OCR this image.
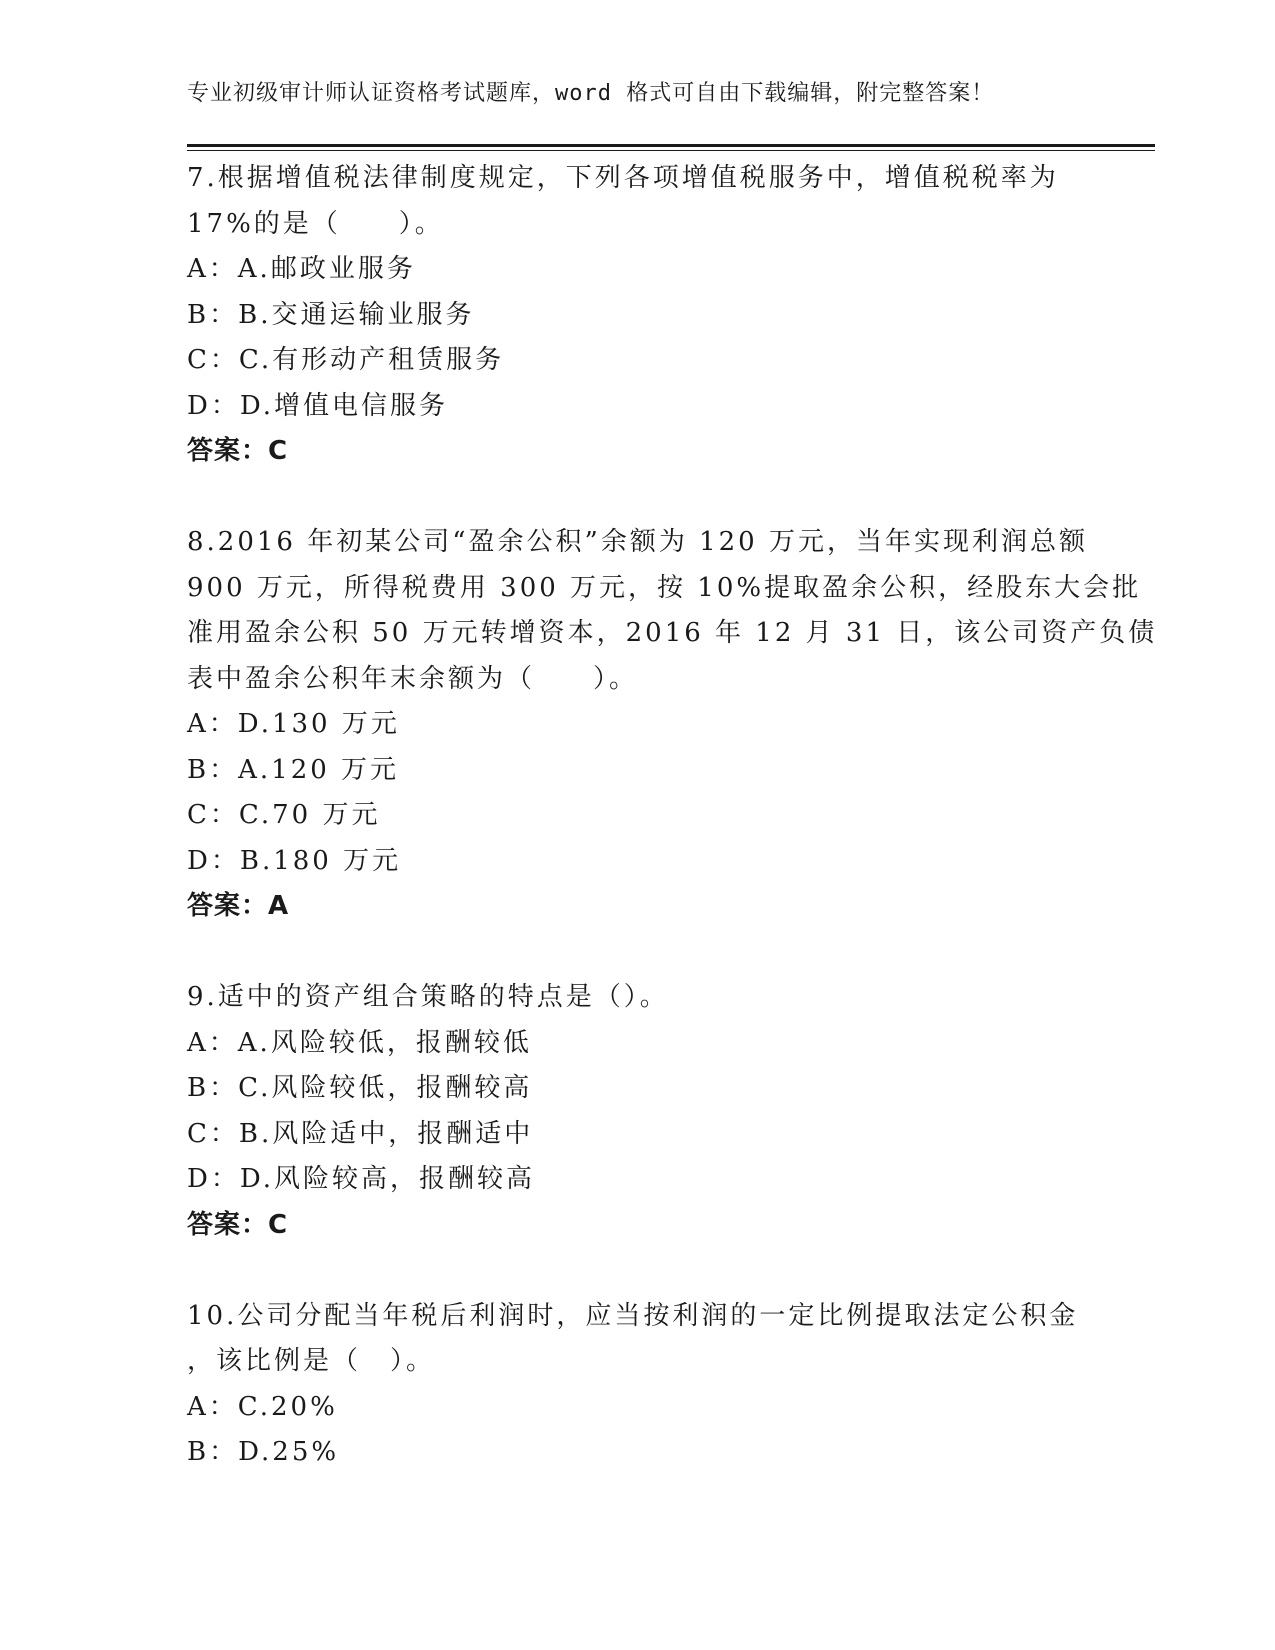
专业初级审计师认证资格考试题库，word 格式可自由下载编辑，附完整答案！
7.根据增值税法律制度规定，下列各项增值税服务中，增值税税率为
17%的是（　　）。
A：A.邮政业服务
B：B.交通运输业服务
C：C.有形动产租赁服务
D：D.增值电信服务
答案：C
8.2016 年初某公司“盈余公积”余额为 120 万元，当年实现利润总额
900 万元，所得税费用 300 万元，按 10%提取盈余公积，经股东大会批
准用盈余公积 50 万元转增资本，2016 年 12 月 31 日，该公司资产负债
表中盈余公积年末余额为（　　）。
A：D.130 万元
B：A.120 万元
C：C.70 万元
D：B.180 万元
答案：A
9.适中的资产组合策略的特点是（）。
A：A.风险较低，报酬较低
B：C.风险较低，报酬较高
C：B.风险适中，报酬适中
D：D.风险较高，报酬较高
答案：C
10.公司分配当年税后利润时，应当按利润的一定比例提取法定公积金
，该比例是（　）。
A：C.20%
B：D.25%
